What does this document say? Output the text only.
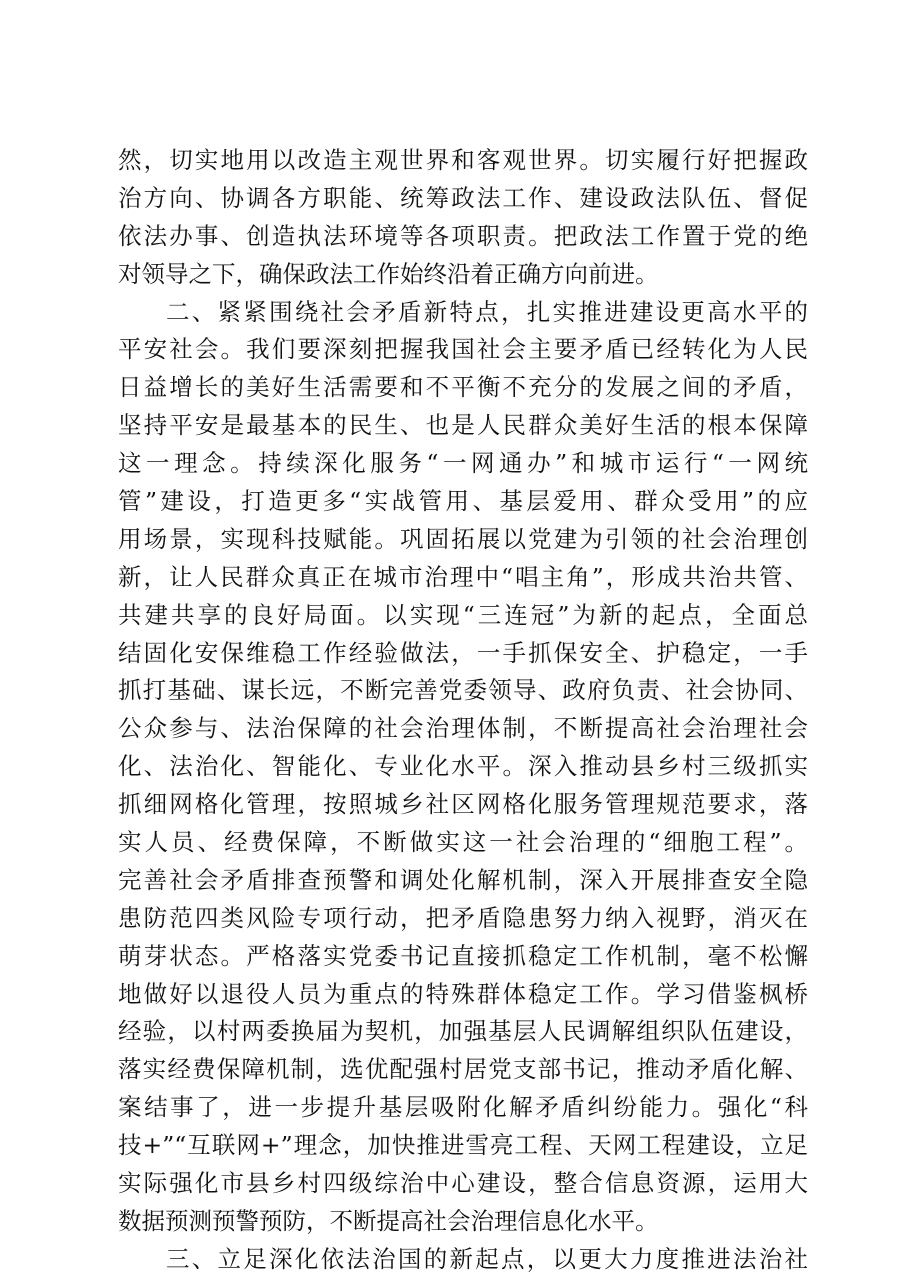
然，切实地用以改造主观世界和客观世界。切实履行好把握政
治方向、协调各方职能、统筹政法工作、建设政法队伍、督促
依法办事、创造执法环境等各项职责。把政法工作置于党的绝
对领导之下，确保政法工作始终沿着正确方向前进。
二、紧紧围绕社会矛盾新特点，扎实推进建设更高水平的
平安社会。我们要深刻把握我国社会主要矛盾已经转化为人民
日益增长的美好生活需要和不平衡不充分的发展之间的矛盾，
坚持平安是最基本的民生、也是人民群众美好生活的根本保障
这一理念。持续深化服务“一网通办”和城市运行“一网统
管”建设，打造更多“实战管用、基层爱用、群众受用”的应
用场景，实现科技赋能。巩固拓展以党建为引领的社会治理创
新，让人民群众真正在城市治理中“唱主角”，形成共治共管、
共建共享的良好局面。以实现“三连冠”为新的起点，全面总
结固化安保维稳工作经验做法，一手抓保安全、护稳定，一手
抓打基础、谋长远，不断完善党委领导、政府负责、社会协同、
公众参与、法治保障的社会治理体制，不断提高社会治理社会
化、法治化、智能化、专业化水平。深入推动县乡村三级抓实
抓细网格化管理，按照城乡社区网格化服务管理规范要求，落
实人员、经费保障，不断做实这一社会治理的“细胞工程”。
完善社会矛盾排查预警和调处化解机制，深入开展排查安全隐
患防范四类风险专项行动，把矛盾隐患努力纳入视野，消灭在
萌芽状态。严格落实党委书记直接抓稳定工作机制，毫不松懈
地做好以退役人员为重点的特殊群体稳定工作。学习借鉴枫桥
经验，以村两委换届为契机，加强基层人民调解组织队伍建设，
落实经费保障机制，选优配强村居党支部书记，推动矛盾化解、
案结事了，进一步提升基层吸附化解矛盾纠纷能力。强化“科
技+”“互联网+”理念，加快推进雪亮工程、天网工程建设，立足
实际强化市县乡村四级综治中心建设，整合信息资源，运用大
数据预测预警预防，不断提高社会治理信息化水平。
三、立足深化依法治国的新起点，以更大力度推进法治社
